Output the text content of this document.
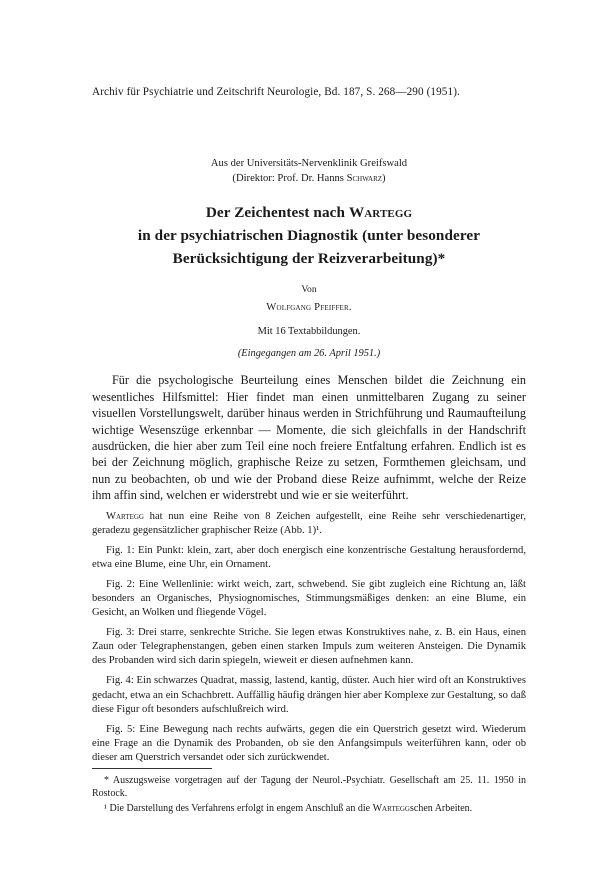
Archiv für Psychiatrie und Zeitschrift Neurologie, Bd. 187, S. 268—290 (1951).
Aus der Universitäts-Nervenklinik Greifswald
(Direktor: Prof. Dr. Hanns Schwarz)
Der Zeichentest nach Wartegg
in der psychiatrischen Diagnostik (unter besonderer
Berücksichtigung der Reizverarbeitung)*
Von
Wolfgang Pfeiffer.
Mit 16 Textabbildungen.
(Eingegangen am 26. April 1951.)

Für die psychologische Beurteilung eines Menschen bildet die Zeichnung ein wesentliches Hilfsmittel: Hier findet man einen unmittelbaren Zugang zu seiner visuellen Vorstellungswelt, darüber hinaus werden in Strichführung und Raumaufteilung wichtige Wesenszüge erkennbar — Momente, die sich gleichfalls in der Handschrift ausdrücken, die hier aber zum Teil eine noch freiere Entfaltung erfahren. Endlich ist es bei der Zeichnung möglich, graphische Reize zu setzen, Formthemen gleichsam, und nun zu beobachten, ob und wie der Proband diese Reize aufnimmt, welche der Reize ihm affin sind, welchen er widerstrebt und wie er sie weiterführt.

Wartegg hat nun eine Reihe von 8 Zeichen aufgestellt, eine Reihe sehr verschiedenartiger, geradezu gegensätzlicher graphischer Reize (Abb. 1)¹.

Fig. 1: Ein Punkt: klein, zart, aber doch energisch eine konzentrische Gestaltung herausfordernd, etwa eine Blume, eine Uhr, ein Ornament.

Fig. 2: Eine Wellenlinie: wirkt weich, zart, schwebend. Sie gibt zugleich eine Richtung an, läßt besonders an Organisches, Physiognomisches, Stimmungsmäßiges denken: an eine Blume, ein Gesicht, an Wolken und fliegende Vögel.

Fig. 3: Drei starre, senkrechte Striche. Sie legen etwas Konstruktives nahe, z. B. ein Haus, einen Zaun oder Telegraphenstangen, geben einen starken Impuls zum weiteren Ansteigen. Die Dynamik des Probanden wird sich darin spiegeln, wieweit er diesen aufnehmen kann.

Fig. 4: Ein schwarzes Quadrat, massig, lastend, kantig, düster. Auch hier wird oft an Konstruktives gedacht, etwa an ein Schachbrett. Auffällig häufig drängen hier aber Komplexe zur Gestaltung, so daß diese Figur oft besonders aufschlußreich wird.

Fig. 5: Eine Bewegung nach rechts aufwärts, gegen die ein Querstrich gesetzt wird. Wiederum eine Frage an die Dynamik des Probanden, ob sie den Anfangsimpuls weiterführen kann, oder ob dieser am Querstrich versandet oder sich zurückwendet.

* Auszugsweise vorgetragen auf der Tagung der Neurol.-Psychiatr. Gesellschaft am 25. 11. 1950 in Rostock.

¹ Die Darstellung des Verfahrens erfolgt in engem Anschluß an die Warteggschen Arbeiten.
